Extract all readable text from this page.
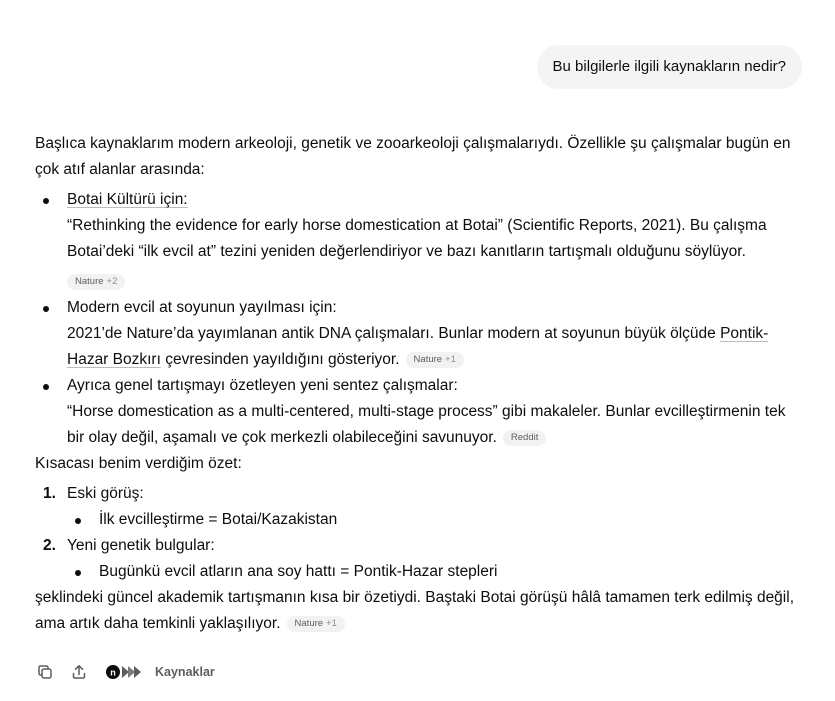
Bu bilgilerle ilgili kaynakların nedir?

Başlıca kaynaklarım modern arkeoloji, genetik ve zooarkeoloji çalışmalarıydı. Özellikle şu çalışmalar bugün en çok atıf alanlar arasında:

Botai Kültürü için:
“Rethinking the evidence for early horse domestication at Botai” (Scientific Reports, 2021). Bu çalışma Botai’deki “ilk evcil at” tezini yeniden değerlendiriyor ve bazı kanıtların tartışmalı olduğunu söylüyor.
Nature +2
Modern evcil at soyunun yayılması için:
2021’de Nature’da yayımlanan antik DNA çalışmaları. Bunlar modern at soyunun büyük ölçüde Pontik-Hazar Bozkırı çevresinden yayıldığını gösteriyor. Nature +1
Ayrıca genel tartışmayı özetleyen yeni sentez çalışmalar:
“Horse domestication as a multi-centered, multi-stage process” gibi makaleler. Bunlar evcilleştirmenin tek bir olay değil, aşamalı ve çok merkezli olabileceğini savunuyor. Reddit

Kısacası benim verdiğim özet:

1. Eski görüş:
İlk evcilleştirme = Botai/Kazakistan
2. Yeni genetik bulgular:
Bugünkü evcil atların ana soy hattı = Pontik-Hazar stepleri

şeklindeki güncel akademik tartışmanın kısa bir özetiydi. Baştaki Botai görüşü hâlâ tamamen terk edilmiş değil, ama artık daha temkinli yaklaşılıyor. Nature +1

n	Kaynaklar
